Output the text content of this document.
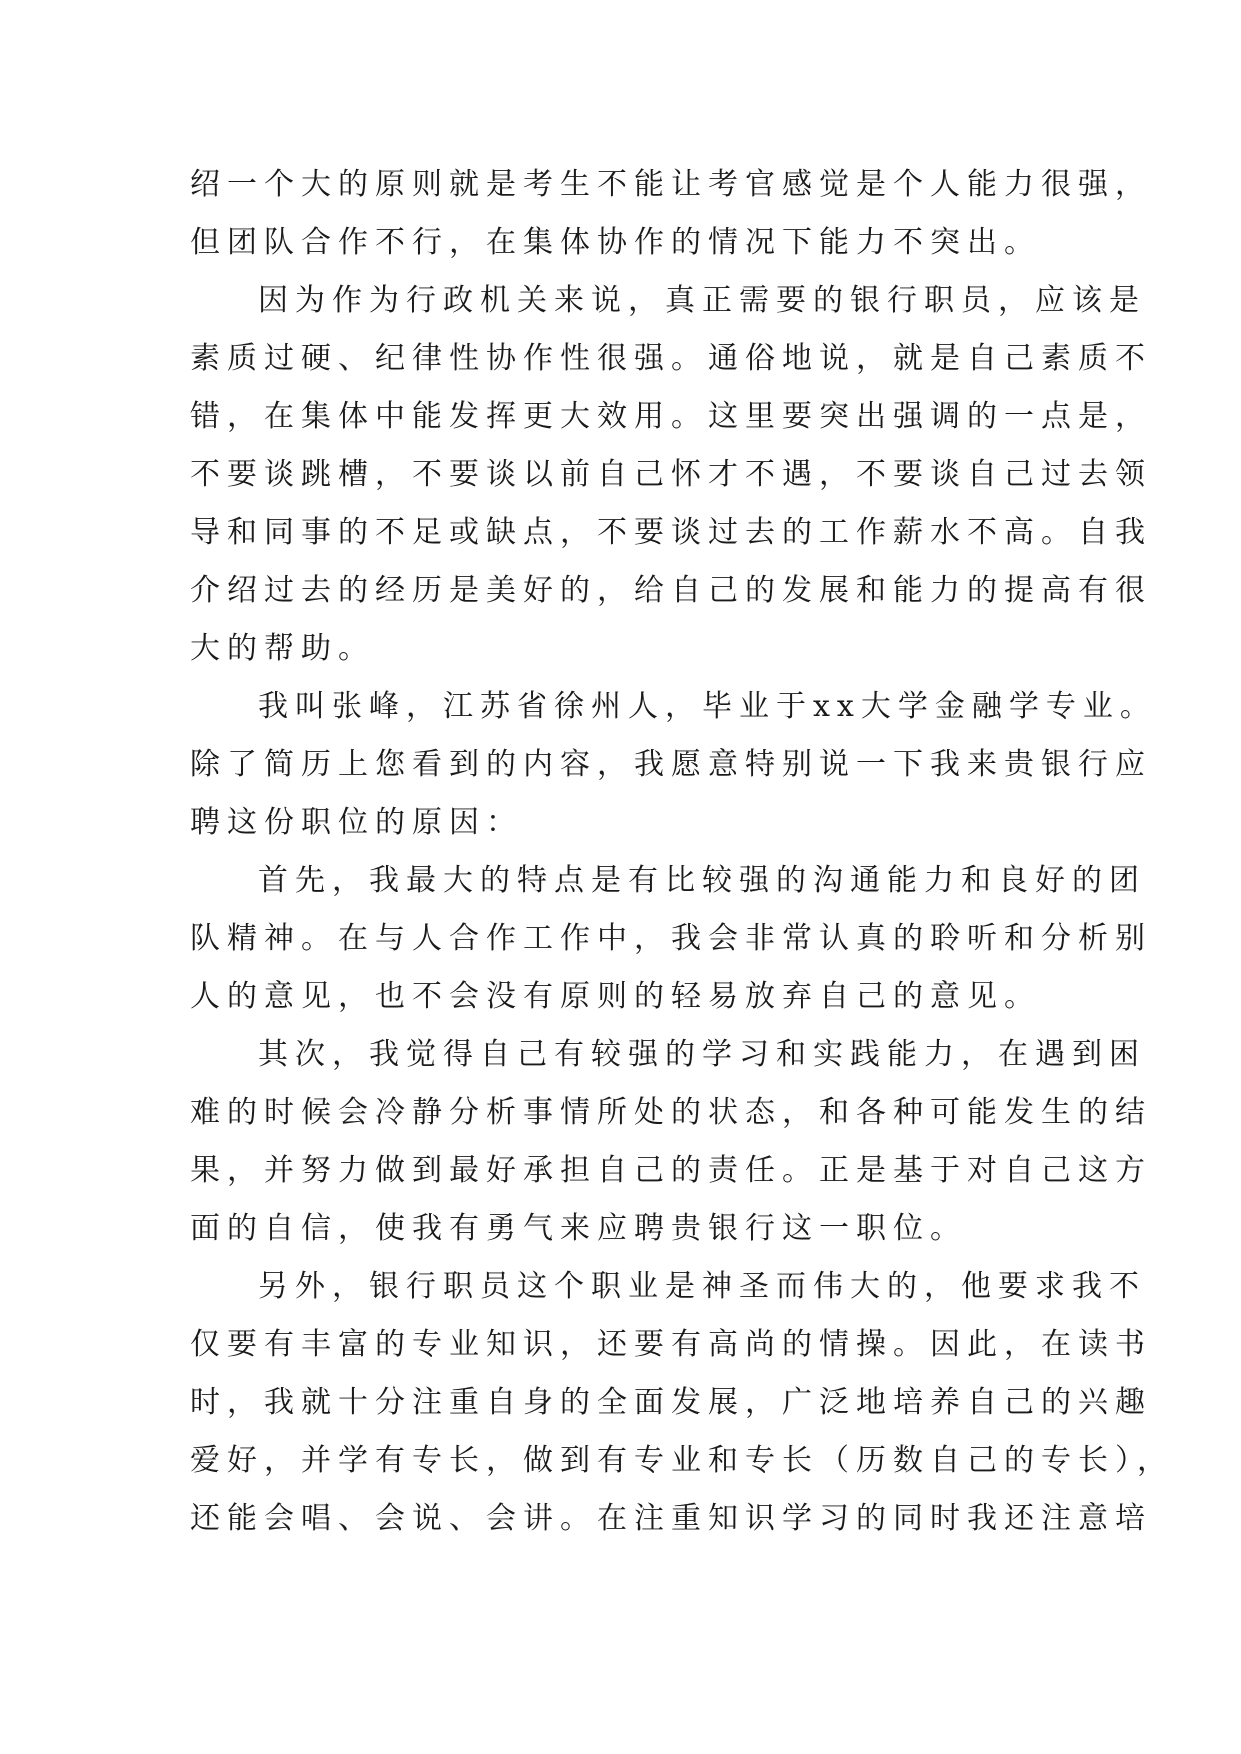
绍一个大的原则就是考生不能让考官感觉是个人能力很强，
但团队合作不行，在集体协作的情况下能力不突出。
因为作为行政机关来说，真正需要的银行职员，应该是
素质过硬、纪律性协作性很强。通俗地说，就是自己素质不
错，在集体中能发挥更大效用。这里要突出强调的一点是，
不要谈跳槽，不要谈以前自己怀才不遇，不要谈自己过去领
导和同事的不足或缺点，不要谈过去的工作薪水不高。自我
介绍过去的经历是美好的，给自己的发展和能力的提高有很
大的帮助。
我叫张峰，江苏省徐州人，毕业于xx大学金融学专业。
除了简历上您看到的内容，我愿意特别说一下我来贵银行应
聘这份职位的原因：
首先，我最大的特点是有比较强的沟通能力和良好的团
队精神。在与人合作工作中，我会非常认真的聆听和分析别
人的意见，也不会没有原则的轻易放弃自己的意见。
其次，我觉得自己有较强的学习和实践能力，在遇到困
难的时候会冷静分析事情所处的状态，和各种可能发生的结
果，并努力做到最好承担自己的责任。正是基于对自己这方
面的自信，使我有勇气来应聘贵银行这一职位。
另外，银行职员这个职业是神圣而伟大的，他要求我不
仅要有丰富的专业知识，还要有高尚的情操。因此，在读书
时，我就十分注重自身的全面发展，广泛地培养自己的兴趣
爱好，并学有专长，做到有专业和专长（历数自己的专长），
还能会唱、会说、会讲。在注重知识学习的同时我还注意培
